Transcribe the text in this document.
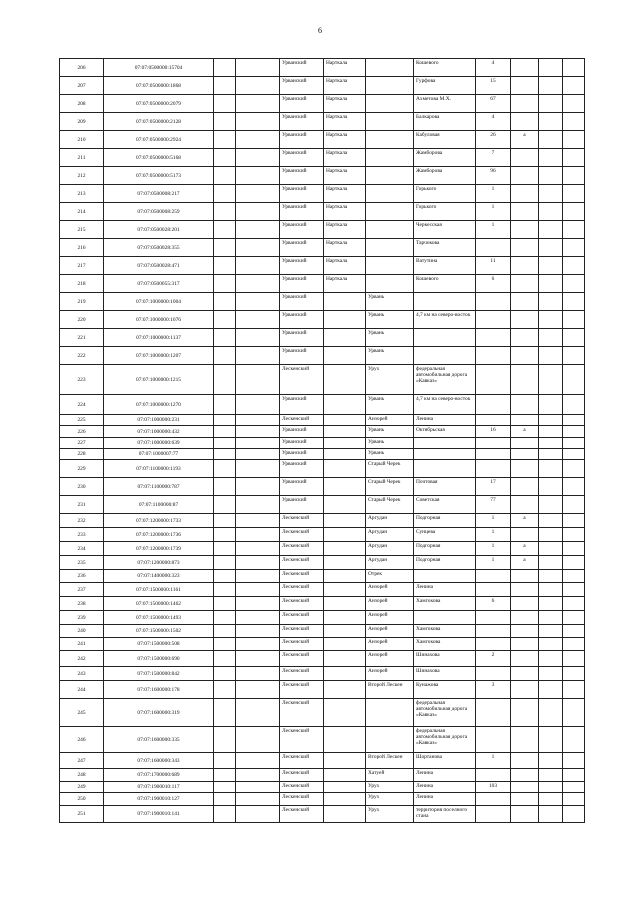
6
206	07:07:0500000:15704			Урванский	Нарткала		Кошевого	4			
207	07:07:0500000:1868			Урванский	Нарткала		Гурфова	15			
208	07:07:0500000:2079			Урванский	Нарткала		Ахметова М.Х.	67			
209	07:07:0500000:2128			Урванский	Нарткала		Балкарова	4			
210	07:07:0500000:2924			Урванский	Нарткала		Кабуловая	26	а		
211	07:07:0500000:5168			Урванский	Нарткала		Жамборова	7			
212	07:07:0500000:5173			Урванский	Нарткала		Жамборова	96			
213	07:07:0500008:217			Урванский	Нарткала		Горького	1			
214	07:07:0500008:259			Урванский	Нарткала		Горького	1			
215	07:07:0500028:201			Урванский	Нарткала		Черкесская	1			
216	07:07:0500028:355			Урванский	Нарткала		Тарчокова				
217	07:07:0500028:471			Урванский	Нарткала		Ватутина	11			
218	07:07:0500055:317			Урванский	Нарткала		Кошевого	6			
219	07:07:1000000:1004			Урванский		Урвань					
220	07:07:1000000:1076			Урванский		Урвань	4,7 км на северо-восток				
221	07:07:1000000:1137			Урванский		Урвань					
222	07:07:1000000:1207			Урванский		Урвань					
223	07:07:1000000:1215			Лескенский		Урух	федеральная автомобильная дорога «Кавказ»				
224	07:07:1000000:1270			Урванский		Урвань	4,7 км на северо-восток				
225	07:07:1000000:231			Лескенский		Анзорей	Ленина				
226	07:07:1000000:432			Урванский		Урвань	Октябрьская	16	а		
227	07:07:1000000:639			Урванский		Урвань					
228	07:07:1000007:77			Урванский		Урвань					
229	07:07:1100000:1193			Урванский		Старый Черек					
230	07:07:1100000:787			Урванский		Старый Черек	Почтовая	17			
231	07:07:1100000:87			Урванский		Старый Черек	Советская	77			
232	07:07:1200000:1733			Лескенский		Аргудан	Подгорная	1	а		
233	07:07:1200000:1736			Лескенский		Аргудан	Сунцева	1			
234	07:07:1200000:1739			Лескенский		Аргудан	Подгорная	1	а		
235	07:07:1200000:873			Лескенский		Аргудан	Подгорная	1	а		
236	07:07:1400000:323			Лескенский		Отрек					
237	07:07:1500000:1161			Лескенский		Анзорей	Ленина				
238	07:07:1500000:1462			Лескенский		Анзорей	Хамгокова	6			
239	07:07:1500000:1493			Лескенский		Анзорей					
240	07:07:1500000:1502			Лескенский		Анзорей	Хамгокова				
241	07:07:1500000:508			Лескенский		Анзорей	Хамгокова				
242	07:07:1500000:690			Лескенский		Анзорей	Шинахова	2			
243	07:07:1500000:842			Лескенский		Анзорей	Шинахова				
244	07:07:1600000:178			Лескенский		Второй Лескен	Кунажова	3			
245	07:07:1600000:319			Лескенский			федеральная автомобильная дорога «Кавказ»				
246	07:07:1600000:335			Лескенский			федеральная автомобильная дорога «Кавказ»				
247	07:07:1600000:343			Лескенский		Второй Лескен	Шортанова	1			
248	07:07:1700000:689			Лескенский		Хатуей	Ленина				
249	07:07:1900010:117			Лескенский		Урух	Ленина	103			
250	07:07:1900010:127			Лескенский		Урух	Ленина				
251	07:07:1900010:141			Лескенский		Урух	территория поселного стана				
